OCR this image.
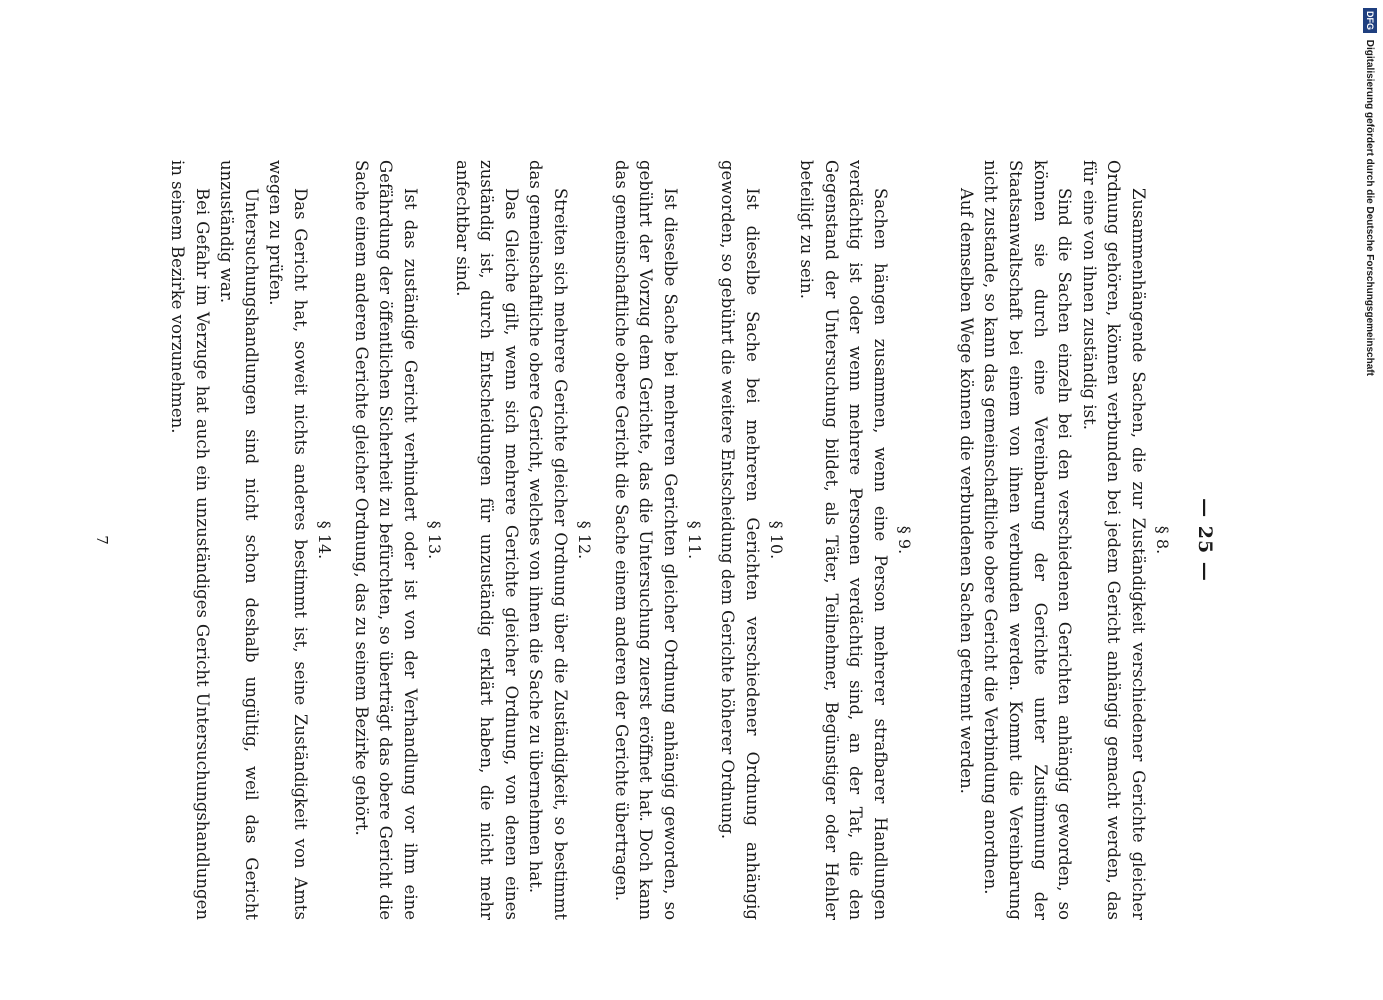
DFG Digitalisierung gefördert durch die Deutsche Forschungsgemeinschaft
— 25 —
§ 8.

Zusammenhängende Sachen, die zur Zuständigkeit verschiedener Gerichte gleicher Ordnung gehören, können verbunden bei jedem Gericht anhängig gemacht werden, das für eine von ihnen zuständig ist.

Sind die Sachen einzeln bei den verschiedenen Gerichten anhängig geworden, so können sie durch eine Vereinbarung der Gerichte unter Zustimmung der Staatsanwaltschaft bei einem von ihnen verbunden werden. Kommt die Vereinbarung nicht zustande, so kann das gemeinschaftliche obere Gericht die Verbindung anordnen.

Auf demselben Wege können die verbundenen Sachen getrennt werden.

§ 9.

Sachen hängen zusammen, wenn eine Person mehrerer strafbarer Handlungen verdächtig ist oder wenn mehrere Personen verdächtig sind, an der Tat, die den Gegenstand der Untersuchung bildet, als Täter, Teilnehmer, Begünstiger oder Hehler beteiligt zu sein.

§ 10.

Ist dieselbe Sache bei mehreren Gerichten verschiedener Ordnung anhängig geworden, so gebührt die weitere Entscheidung dem Gerichte höherer Ordnung.

§ 11.

Ist dieselbe Sache bei mehreren Gerichten gleicher Ordnung anhängig geworden, so gebührt der Vorzug dem Gerichte, das die Untersuchung zuerst eröffnet hat. Doch kann das gemeinschaftliche obere Gericht die Sache einem anderen der Gerichte übertragen.

§ 12.

Streiten sich mehrere Gerichte gleicher Ordnung über die Zuständigkeit, so bestimmt das gemeinschaftliche obere Gericht, welches von ihnen die Sache zu übernehmen hat.

Das Gleiche gilt, wenn sich mehrere Gerichte gleicher Ordnung, von denen eines zuständig ist, durch Entscheidungen für unzuständig erklärt haben, die nicht mehr anfechtbar sind.

§ 13.

Ist das zuständige Gericht verhindert oder ist von der Verhandlung vor ihm eine Gefährdung der öffentlichen Sicherheit zu befürchten, so überträgt das obere Gericht die Sache einem anderen Gerichte gleicher Ordnung, das zu seinem Bezirke gehört.

§ 14.

Das Gericht hat, soweit nichts anderes bestimmt ist, seine Zuständigkeit von Amts wegen zu prüfen.

Untersuchungshandlungen sind nicht schon deshalb ungültig, weil das Gericht unzuständig war.

Bei Gefahr im Verzuge hat auch ein unzuständiges Gericht Untersuchungshandlungen in seinem Bezirke vorzunehmen.

7
